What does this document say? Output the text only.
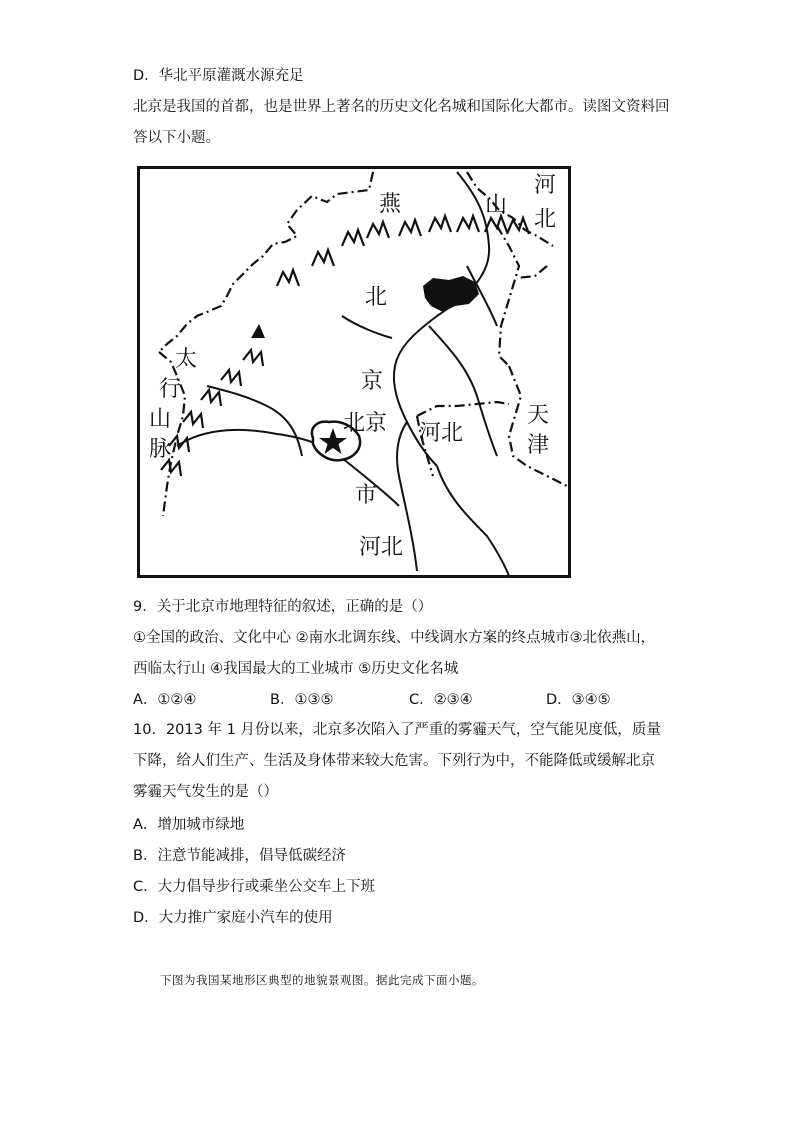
D．华北平原灌溉水源充足
北京是我国的首都，也是世界上著名的历史文化名城和国际化大都市。读图文资料回
答以下小题。
燕	山
河
北
北
京
太
行
山
脉
北京 河北
天
津
市
河北
9．关于北京市地理特征的叙述，正确的是（）
①全国的政治、文化中心 ②南水北调东线、中线调水方案的终点城市③北依燕山，
西临太行山 ④我国最大的工业城市 ⑤历史文化名城
A．①②④	B．①③⑤	C．②③④	D．③④⑤
10．2013 年 1 月份以来，北京多次陷入了严重的雾霾天气，空气能见度低，质量下降，给人们生产、生活及身体带来较大危害。下列行为中，不能降低或缓解北京雾霾天气发生的是（）
A．增加城市绿地
B．注意节能减排，倡导低碳经济
C．大力倡导步行或乘坐公交车上下班
D．大力推广家庭小汽车的使用
下图为我国某地形区典型的地貌景观图。据此完成下面小题。
